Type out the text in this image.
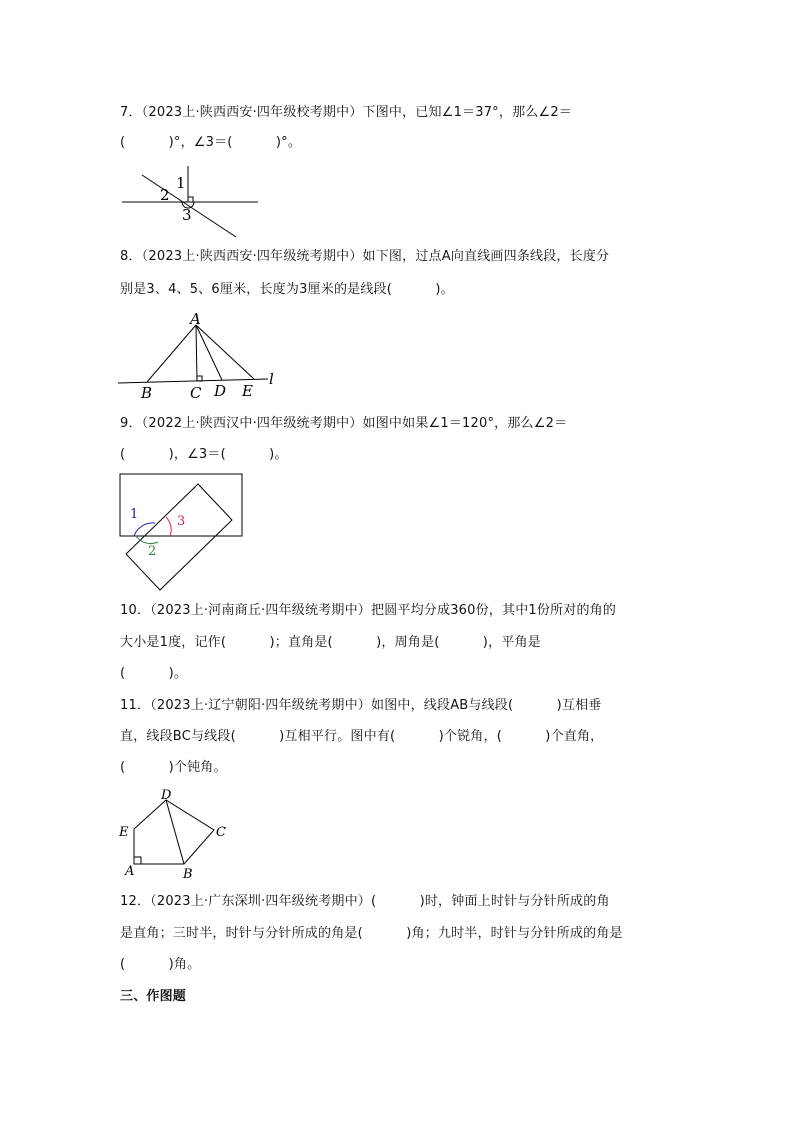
7．（2023上·陕西西安·四年级校考期中）下图中，已知∠1＝37°，那么∠2＝
(          )°，∠3＝(          )°。
1
2
3
8．（2023上·陕西西安·四年级统考期中）如下图，过点A向直线画四条线段，长度分
别是3、4、5、6厘米，长度为3厘米的是线段(          )。
A
B	C D E
l
9．（2022上·陕西汉中·四年级统考期中）如图中如果∠1＝120°，那么∠2＝
(          )，∠3＝(          )。
1
2
3
10．（2023上·河南商丘·四年级统考期中）把圆平均分成360份，其中1份所对的角的
大小是1度，记作(          )；直角是(          )，周角是(          )，平角是
(          )。
11．（2023上·辽宁朝阳·四年级统考期中）如图中，线段AB与线段(          )互相垂
直，线段BC与线段(          )互相平行。图中有(          )个锐角，(          )个直角，
(          )个钝角。
D
E	C
A	B
12．（2023上·广东深圳·四年级统考期中）(          )时，钟面上时针与分针所成的角
是直角；三时半，时针与分针所成的角是(          )角；九时半，时针与分针所成的角是
(          )角。
三、作图题
